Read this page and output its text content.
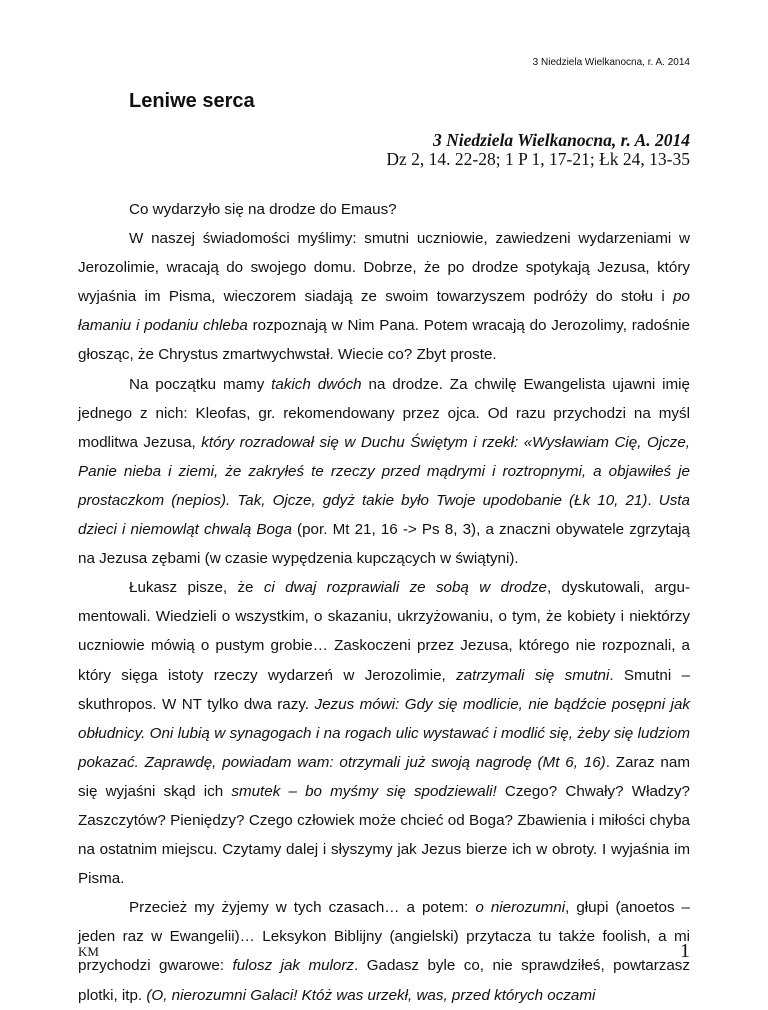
3 Niedziela Wielkanocna, r. A. 2014
Leniwe serca
3 Niedziela Wielkanocna, r. A. 2014
Dz 2, 14. 22-28; 1 P 1, 17-21; Łk 24, 13-35

Co wydarzyło się na drodze do Emaus?

W naszej świadomości myślimy: smutni uczniowie, zawiedzeni wydarzeniami w Jerozolimie, wracają do swojego domu. Dobrze, że po drodze spotykają Jezusa, który wyjaśnia im Pisma, wieczorem siadają ze swoim towarzyszem podróży do stołu i po łamaniu i podaniu chleba rozpoznają w Nim Pana. Potem wracają do Jerozolimy, radośnie głosząc, że Chrystus zmartwychwstał. Wiecie co? Zbyt proste.

Na początku mamy takich dwóch na drodze. Za chwilę Ewangelista ujawni imię jednego z nich: Kleofas, gr. rekomendowany przez ojca. Od razu przychodzi na myśl modlitwa Jezusa, który rozradował się w Duchu Świętym i rzekł: «Wysławiam Cię, Ojcze, Panie nieba i ziemi, że zakryłeś te rzeczy przed mądrymi i roztropnymi, a objawiłeś je prostaczkom (nepios). Tak, Ojcze, gdyż takie było Twoje upodobanie (Łk 10, 21). Usta dzieci i niemowląt chwalą Boga (por. Mt 21, 16 -> Ps 8, 3), a znaczni obywatele zgrzytają na Jezusa zębami (w czasie wypędzenia kupczących w świątyni).

Łukasz pisze, że ci dwaj rozprawiali ze sobą w drodze, dyskutowali, argumentowali. Wiedzieli o wszystkim, o skazaniu, ukrzyżowaniu, o tym, że kobiety i niektórzy uczniowie mówią o pustym grobie… Zaskoczeni przez Jezusa, którego nie rozpoznali, a który sięga istoty rzeczy wydarzeń w Jerozolimie, zatrzymali się smutni. Smutni – skuthropos. W NT tylko dwa razy. Jezus mówi: Gdy się modlicie, nie bądźcie posępni jak obłudnicy. Oni lubią w synagogach i na rogach ulic wystawać i modlić się, żeby się ludziom pokazać. Zaprawdę, powiadam wam: otrzymali już swoją nagrodę (Mt 6, 16). Zaraz nam się wyjaśni skąd ich smutek – bo myśmy się spodziewali! Czego? Chwały? Władzy? Zaszczytów? Pieniędzy? Czego człowiek może chcieć od Boga? Zbawienia i miłości chyba na ostatnim miejscu. Czytamy dalej i słyszymy jak Jezus bierze ich w obroty. I wyjaśnia im Pisma.

Przecież my żyjemy w tych czasach… a potem: o nierozumni, głupi (anoetos – jeden raz w Ewangelii)… Leksykon Biblijny (angielski) przytacza tu także foolish, a mi przychodzi gwarowe: fulosz jak mulorz. Gadasz byle co, nie sprawdziłeś, powtarzasz plotki, itp. (O, nierozumni Galaci! Któż was urzekł, was, przed których oczami

KM	1
